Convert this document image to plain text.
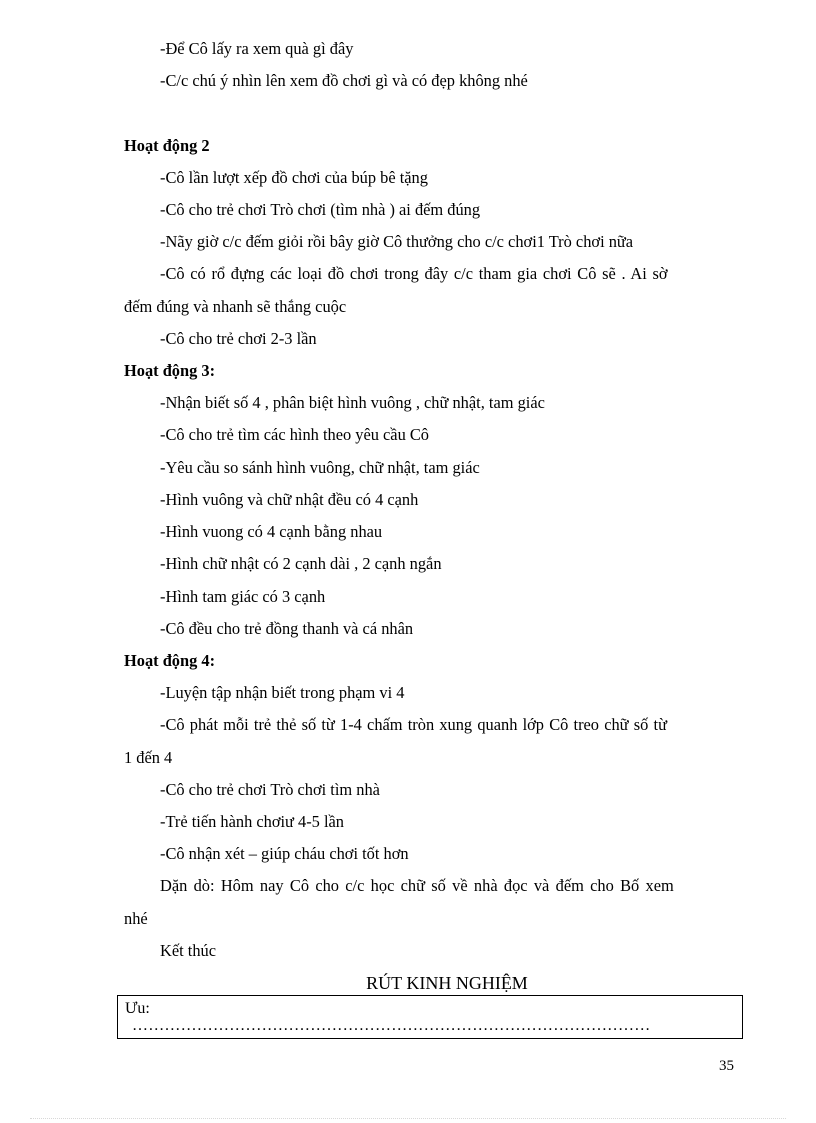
-Để Cô lấy ra xem quà gì đây
-C/c chú ý nhìn lên xem đồ chơi gì và có đẹp không nhé
Hoạt động 2
-Cô lần lượt xếp đồ chơi của búp bê tặng
-Cô cho trẻ chơi Trò chơi (tìm nhà ) ai đếm đúng
-Nãy giờ c/c đếm giỏi rồi bây giờ Cô thưởng cho c/c chơi1 Trò chơi nữa
-Cô có rổ đựng các loại đồ chơi trong đây c/c tham gia chơi Cô sẽ . Ai sờ
đếm đúng và nhanh sẽ thắng cuộc
-Cô cho trẻ chơi 2-3 lần
Hoạt động 3:
-Nhận biết số 4 , phân biệt hình vuông , chữ nhật, tam giác
-Cô cho trẻ tìm các hình theo yêu cầu Cô
-Yêu cầu so sánh hình vuông, chữ nhật, tam giác
-Hình vuông và chữ nhật đều có 4 cạnh
-Hình vuong có 4 cạnh bằng nhau
-Hình chữ nhật có 2 cạnh dài , 2 cạnh ngắn
-Hình tam giác có 3 cạnh
-Cô đều cho trẻ đồng thanh và cá nhân
Hoạt động 4:
-Luyện tập nhận biết trong phạm vi 4
-Cô phát mỗi trẻ thẻ số từ 1-4 chấm tròn xung quanh lớp Cô treo chữ số từ
1 đến 4
-Cô cho trẻ chơi Trò chơi tìm nhà
-Trẻ tiến hành chơiư 4-5 lần
-Cô nhận xét – giúp cháu chơi tốt hơn
Dặn dò: Hôm nay Cô cho c/c học chữ số về nhà đọc và đếm cho Bố xem
nhé
Kết thúc
RÚT KINH NGHIỆM
Ưu:
……………………………………………………………………………………
35
